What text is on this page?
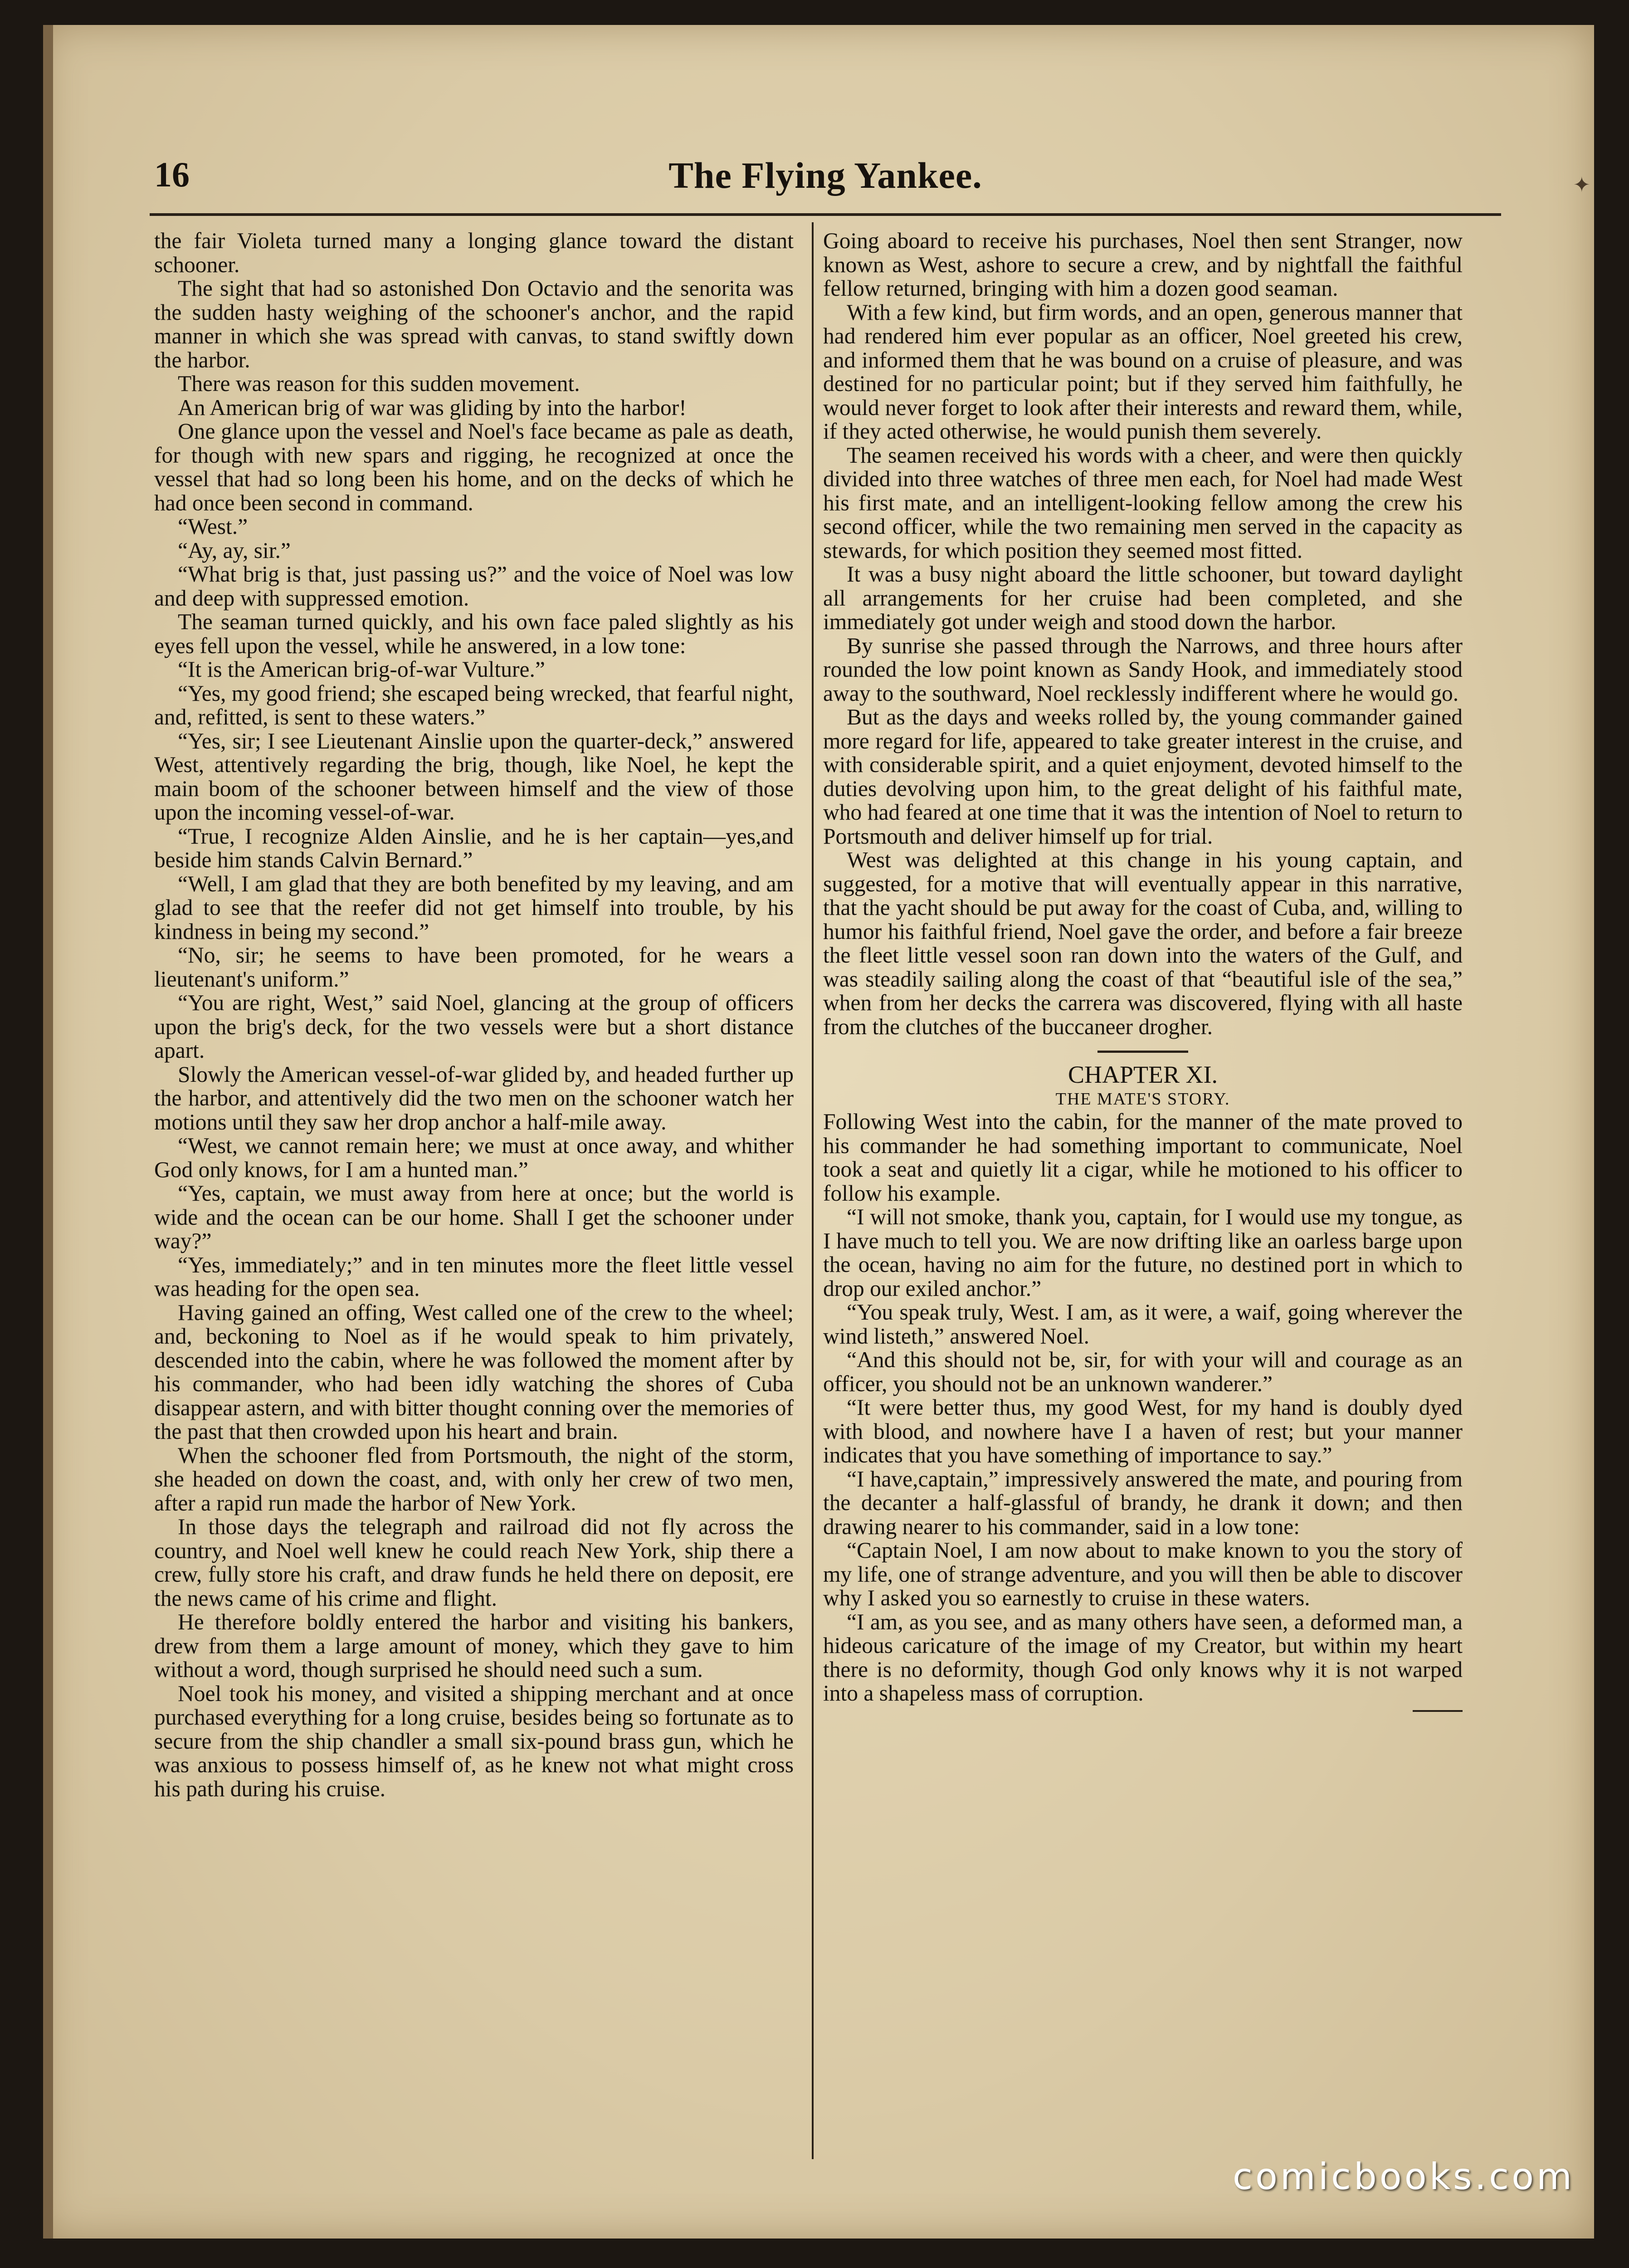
16	The Flying Yankee.

the fair Violeta turned many a longing glance toward the distant schooner.

The sight that had so astonished Don Octavio and the senorita was the sudden hasty weighing of the schooner's anchor, and the rapid manner in which she was spread with canvas, to stand swiftly down the harbor.

There was reason for this sudden movement.

An American brig of war was gliding by into the harbor!

One glance upon the vessel and Noel's face became as pale as death, for though with new spars and rigging, he recognized at once the vessel that had so long been his home, and on the decks of which he had once been second in command.

“West.”

“Ay, ay, sir.”

“What brig is that, just passing us?” and the voice of Noel was low and deep with suppressed emotion.

The seaman turned quickly, and his own face paled slightly as his eyes fell upon the vessel, while he answered, in a low tone:

“It is the American brig-of-war Vulture.”

“Yes, my good friend; she escaped being wrecked, that fearful night, and, refitted, is sent to these waters.”

“Yes, sir; I see Lieutenant Ainslie upon the quarter-deck,” answered West, attentively regarding the brig, though, like Noel, he kept the main boom of the schooner between himself and the view of those upon the incoming vessel-of-war.

“True, I recognize Alden Ainslie, and he is her captain—yes,and beside him stands Calvin Bernard.”

“Well, I am glad that they are both benefited by my leaving, and am glad to see that the reefer did not get himself into trouble, by his kindness in being my second.”

“No, sir; he seems to have been promoted, for he wears a lieutenant's uniform.”

“You are right, West,” said Noel, glancing at the group of officers upon the brig's deck, for the two vessels were but a short distance apart.

Slowly the American vessel-of-war glided by, and headed further up the harbor, and attentively did the two men on the schooner watch her motions until they saw her drop anchor a half-mile away.

“West, we cannot remain here; we must at once away, and whither God only knows, for I am a hunted man.”

“Yes, captain, we must away from here at once; but the world is wide and the ocean can be our home. Shall I get the schooner under way?”

“Yes, immediately;” and in ten minutes more the fleet little vessel was heading for the open sea.

Having gained an offing, West called one of the crew to the wheel; and, beckoning to Noel as if he would speak to him privately, descended into the cabin, where he was followed the moment after by his commander, who had been idly watching the shores of Cuba disappear astern, and with bitter thought conning over the memories of the past that then crowded upon his heart and brain.

When the schooner fled from Portsmouth, the night of the storm, she headed on down the coast, and, with only her crew of two men, after a rapid run made the harbor of New York.

In those days the telegraph and railroad did not fly across the country, and Noel well knew he could reach New York, ship there a crew, fully store his craft, and draw funds he held there on deposit, ere the news came of his crime and flight.

He therefore boldly entered the harbor and visiting his bankers, drew from them a large amount of money, which they gave to him without a word, though surprised he should need such a sum.

Noel took his money, and visited a shipping merchant and at once purchased everything for a long cruise, besides being so fortunate as to secure from the ship chandler a small six-pound brass gun, which he was anxious to possess himself of, as he knew not what might cross his path during his cruise.

Going aboard to receive his purchases, Noel then sent Stranger, now known as West, ashore to secure a crew, and by nightfall the faithful fellow returned, bringing with him a dozen good seaman.

With a few kind, but firm words, and an open, generous manner that had rendered him ever popular as an officer, Noel greeted his crew, and informed them that he was bound on a cruise of pleasure, and was destined for no particular point; but if they served him faithfully, he would never forget to look after their interests and reward them, while, if they acted otherwise, he would punish them severely.

The seamen received his words with a cheer, and were then quickly divided into three watches of three men each, for Noel had made West his first mate, and an intelligent-looking fellow among the crew his second officer, while the two remaining men served in the capacity as stewards, for which position they seemed most fitted.

It was a busy night aboard the little schooner, but toward daylight all arrangements for her cruise had been completed, and she immediately got under weigh and stood down the harbor.

By sunrise she passed through the Narrows, and three hours after rounded the low point known as Sandy Hook, and immediately stood away to the southward, Noel recklessly indifferent where he would go.

But as the days and weeks rolled by, the young commander gained more regard for life, appeared to take greater interest in the cruise, and with considerable spirit, and a quiet enjoyment, devoted himself to the duties devolving upon him, to the great delight of his faithful mate, who had feared at one time that it was the intention of Noel to return to Portsmouth and deliver himself up for trial.

West was delighted at this change in his young captain, and suggested, for a motive that will eventually appear in this narrative, that the yacht should be put away for the coast of Cuba, and, willing to humor his faithful friend, Noel gave the order, and before a fair breeze the fleet little vessel soon ran down into the waters of the Gulf, and was steadily sailing along the coast of that “beautiful isle of the sea,” when from her decks the carrera was discovered, flying with all haste from the clutches of the buccaneer drogher.

CHAPTER XI.

THE MATE'S STORY.

Following West into the cabin, for the manner of the mate proved to his commander he had something important to communicate, Noel took a seat and quietly lit a cigar, while he motioned to his officer to follow his example.

“I will not smoke, thank you, captain, for I would use my tongue, as I have much to tell you. We are now drifting like an oarless barge upon the ocean, having no aim for the future, no destined port in which to drop our exiled anchor.”

“You speak truly, West. I am, as it were, a waif, going wherever the wind listeth,” answered Noel.

“And this should not be, sir, for with your will and courage as an officer, you should not be an unknown wanderer.”

“It were better thus, my good West, for my hand is doubly dyed with blood, and nowhere have I a haven of rest; but your manner indicates that you have something of importance to say.”

“I have,captain,” impressively answered the mate, and pouring from the decanter a half-glassful of brandy, he drank it down; and then drawing nearer to his commander, said in a low tone:

“Captain Noel, I am now about to make known to you the story of my life, one of strange adventure, and you will then be able to discover why I asked you so earnestly to cruise in these waters.

“I am, as you see, and as many others have seen, a deformed man, a hideous caricature of the image of my Creator, but within my heart there is no deformity, though God only knows why it is not warped into a shapeless mass of corruption.

✦
comicbooks.com
